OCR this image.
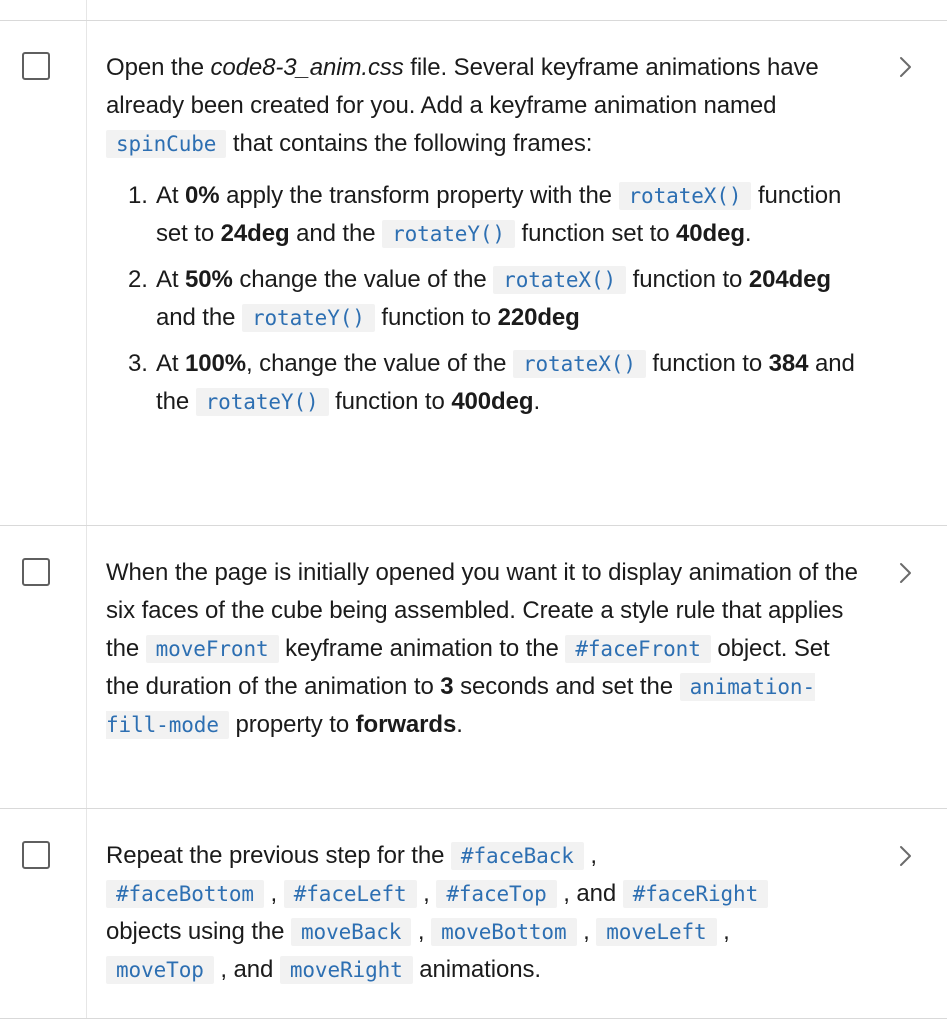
Open the code8-3_anim.css file. Several keyframe animations have already been created for you. Add a keyframe animation named spinCube that contains the following frames:

1. At 0% apply the transform property with the rotateX() function set to 24deg and the rotateY() function set to 40deg.
2. At 50% change the value of the rotateX() function to 204deg and the rotateY() function to 220deg
3. At 100%, change the value of the rotateX() function to 384 and the rotateY() function to 400deg.

When the page is initially opened you want it to display animation of the six faces of the cube being assembled. Create a style rule that applies the moveFront keyframe animation to the #faceFront object. Set the duration of the animation to 3 seconds and set the animation- fill-mode property to forwards.

Repeat the previous step for the #faceBack ,
#faceBottom , #faceLeft , #faceTop , and #faceRight
objects using the moveBack , moveBottom , moveLeft ,
moveTop , and moveRight animations.
